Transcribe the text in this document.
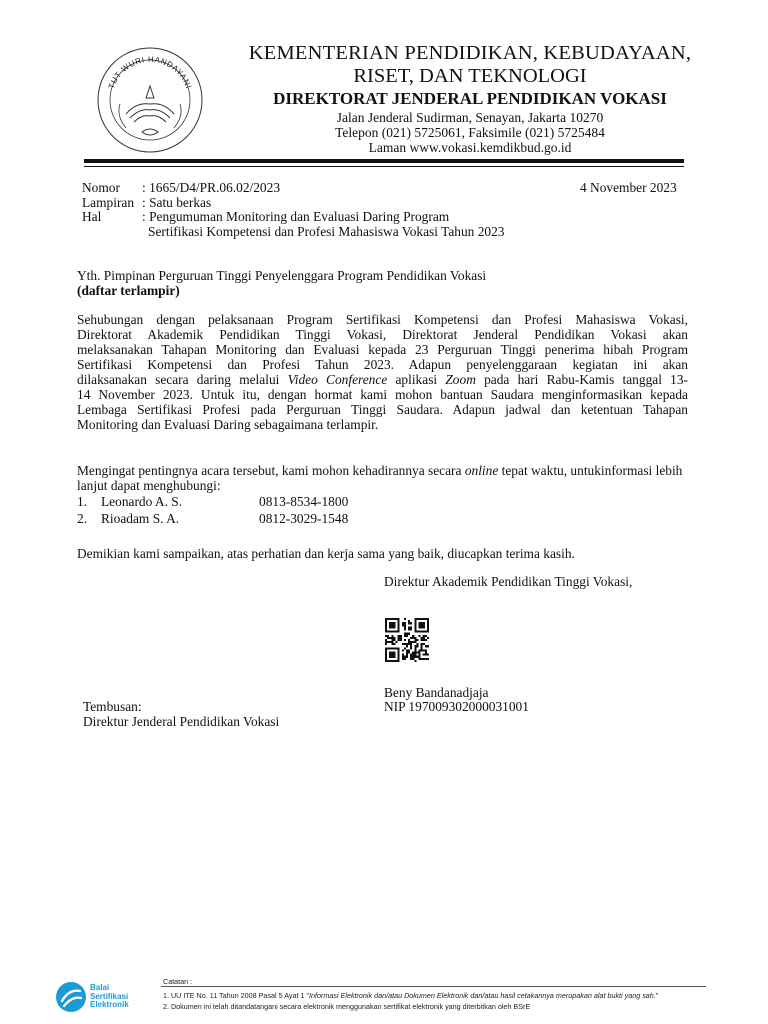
TUT WURI HANDAYANI
KEMENTERIAN PENDIDIKAN, KEBUDAYAAN,
RISET, DAN TEKNOLOGI
DIREKTORAT JENDERAL PENDIDIKAN VOKASI
Jalan Jenderal Sudirman, Senayan, Jakarta 10270
Telepon (021) 5725061, Faksimile (021) 5725484
Laman www.vokasi.kemdikbud.go.id
Nomor : 1665/D4/PR.06.02/2023	4 November 2023
Lampiran : Satu berkas
Hal	: Pengumuman Monitoring dan Evaluasi Daring Program
Sertifikasi Kompetensi dan Profesi Mahasiswa Vokasi Tahun 2023
Yth. Pimpinan Perguruan Tinggi Penyelenggara Program Pendidikan Vokasi
(daftar terlampir)
Sehubungan dengan pelaksanaan Program Sertifikasi Kompetensi dan Profesi Mahasiswa Vokasi,
Direktorat Akademik Pendidikan Tinggi Vokasi, Direktorat Jenderal Pendidikan Vokasi akan
melaksanakan Tahapan Monitoring dan Evaluasi kepada 23 Perguruan Tinggi penerima hibah Program
Sertifikasi Kompetensi dan Profesi Tahun 2023. Adapun penyelenggaraan kegiatan ini akan
dilaksanakan secara daring melalui Video Conference aplikasi Zoom pada hari Rabu-Kamis tanggal 13-
14 November 2023. Untuk itu, dengan hormat kami mohon bantuan Saudara menginformasikan kepada
Lembaga Sertifikasi Profesi pada Perguruan Tinggi Saudara. Adapun jadwal dan ketentuan Tahapan
Monitoring dan Evaluasi Daring sebagaimana terlampir.
Mengingat pentingnya acara tersebut, kami mohon kehadirannya secara online tepat waktu, untukinformasi lebih
lanjut dapat menghubungi:
1. Leonardo A. S.	0813-8534-1800
2. Rioadam S. A.	0812-3029-1548
Demikian kami sampaikan, atas perhatian dan kerja sama yang baik, diucapkan terima kasih.
Direktur Akademik Pendidikan Tinggi Vokasi,
Beny Bandanadjaja
NIP 197009302000031001
Tembusan:
Direktur Jenderal Pendidikan Vokasi
Balai
Sertifikasi
Elektronik
Catatan :
1. UU ITE No. 11 Tahun 2008 Pasal 5 Ayat 1 "Informasi Elektronik dan/atau Dokumen Elektronik dan/atau hasil cetakannya merupakan alat bukti yang sah."
2. Dokumen ini telah ditandatangani secara elektronik menggunakan sertifikat elektronik yang diterbitkan oleh BSrE
